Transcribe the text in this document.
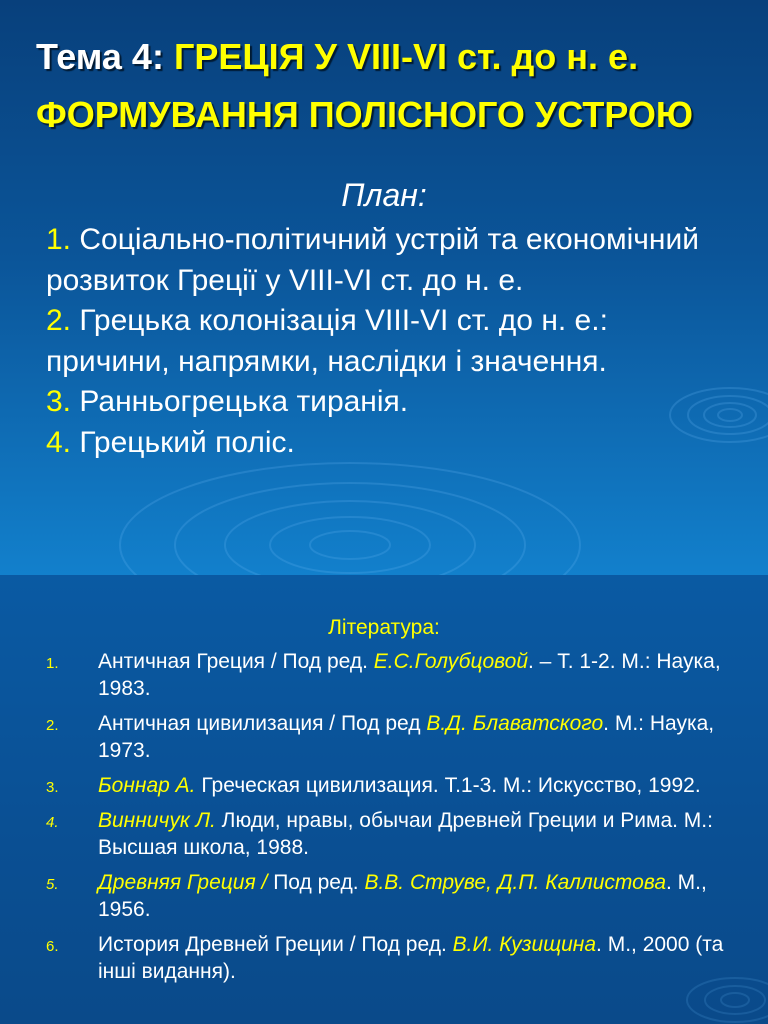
Тема 4: ГРЕЦІЯ У VIII-VI ст. до н. е.
ФОРМУВАННЯ ПОЛІСНОГО УСТРОЮ
План:
1. Соціально-політичний устрій та економічний розвиток Греції у VIII-VI ст. до н. е.
2. Грецька колонізація VIII-VI ст. до н. е.: причини, напрямки, наслідки і значення.
3. Ранньогрецька тиранія.
4. Грецький поліс.
Література:
1. Античная Греция / Под ред. Е.С.Голубцовой. – Т. 1-2. М.: Наука, 1983.
2. Античная цивилизация / Под ред В.Д. Блаватского. М.: Наука, 1973.
3. Боннар А. Греческая цивилизация. Т.1-3. М.: Искусство, 1992.
4. Винничук Л. Люди, нравы, обычаи Древней Греции и Рима. М.: Высшая школа, 1988.
5. Древняя Греция / Под ред. В.В. Струве, Д.П. Каллистова. М., 1956.
6. История Древней Греции / Под ред. В.И. Кузищина. М., 2000 (та інші видання).
